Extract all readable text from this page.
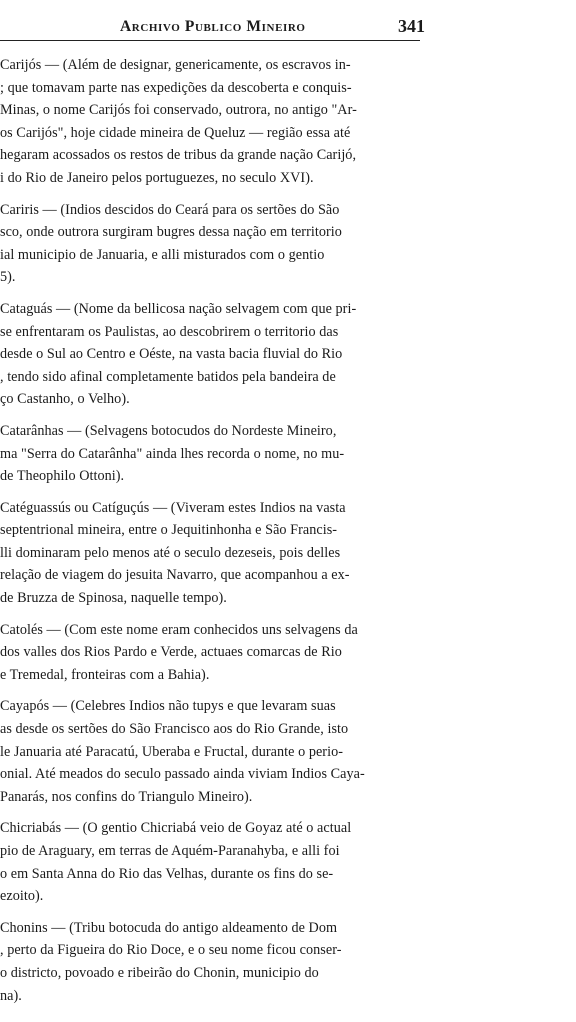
Archivo Publico Mineiro	341
Carijós — (Além de designar, genericamente, os escravos in-
; que tomavam parte nas expedições da descoberta e conquis-
Minas, o nome Carijós foi conservado, outrora, no antigo "Ar-
os Carijós", hoje cidade mineira de Queluz — região essa até
hegaram acossados os restos de tribus da grande nação Carijó,
i do Rio de Janeiro pelos portuguezes, no seculo XVI).
Cariris — (Indios descidos do Ceará para os sertões do São
sco, onde outrora surgiram bugres dessa nação em territorio
ial municipio de Januaria, e alli misturados com o gentio
5).
Cataguás — (Nome da bellicosa nação selvagem com que pri-
se enfrentaram os Paulistas, ao descobrirem o territorio das
desde o Sul ao Centro e Oéste, na vasta bacia fluvial do Rio
, tendo sido afinal completamente batidos pela bandeira de
ço Castanho, o Velho).
Catarânhas — (Selvagens botocudos do Nordeste Mineiro,
ma "Serra do Catarânha" ainda lhes recorda o nome, no mu-
de Theophilo Ottoni).
Catéguassús ou Catíguçús — (Viveram estes Indios na vasta
septentrional mineira, entre o Jequitinhonha e São Francis-
lli dominaram pelo menos até o seculo dezeseis, pois delles
relação de viagem do jesuita Navarro, que acompanhou a ex-
de Bruzza de Spinosa, naquelle tempo).
Catolés — (Com este nome eram conhecidos uns selvagens da
dos valles dos Rios Pardo e Verde, actuaes comarcas de Rio
e Tremedal, fronteiras com a Bahia).
Cayapós — (Celebres Indios não tupys e que levaram suas
as desde os sertões do São Francisco aos do Rio Grande, isto
le Januaria até Paracatú, Uberaba e Fructal, durante o perio-
onial. Até meados do seculo passado ainda viviam Indios Caya-
Panarás, nos confins do Triangulo Mineiro).
Chicriabás — (O gentio Chicriabá veio de Goyaz até o actual
pio de Araguary, em terras de Aquém-Paranahyba, e alli foi
o em Santa Anna do Rio das Velhas, durante os fins do se-
ezoito).
Chonins — (Tribu botocuda do antigo aldeamento de Dom
, perto da Figueira do Rio Doce, e o seu nome ficou conser-
o districto, povoado e ribeirão do Chonin, municipio do
na).
